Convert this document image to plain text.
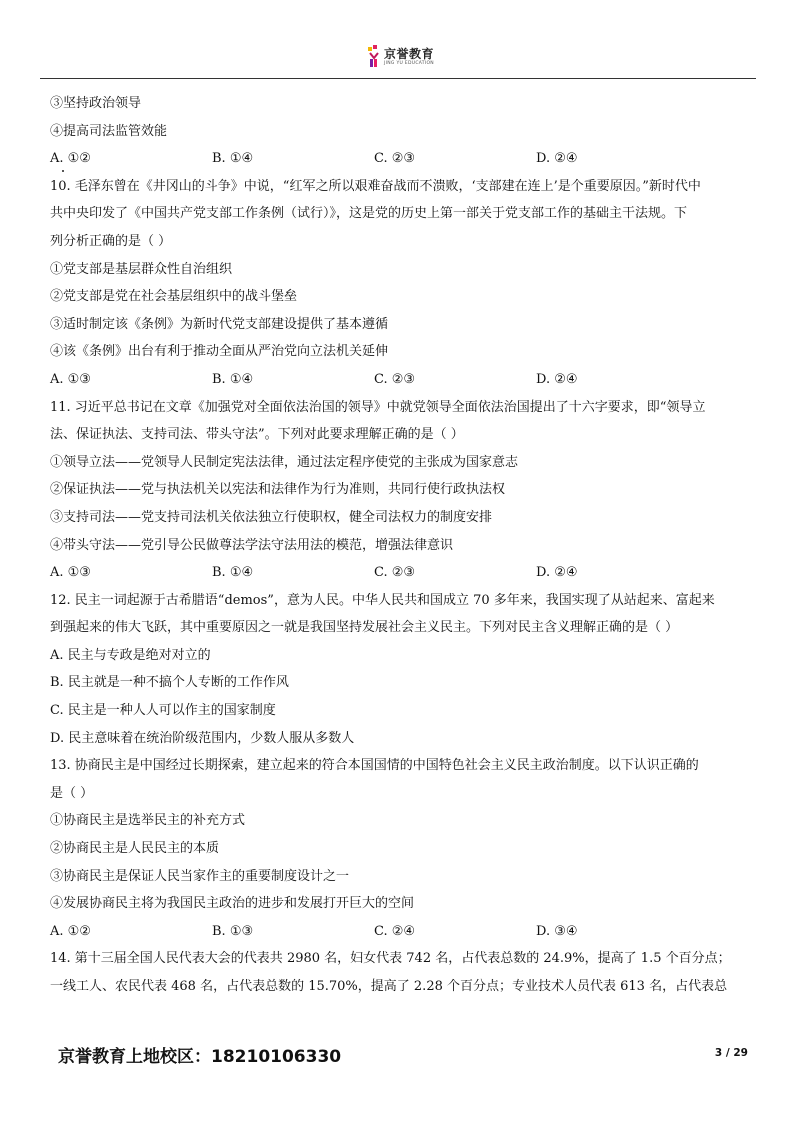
京誉教育
JING YU EDUCATION
③坚持政治领导
④提高司法监管效能
A. ①②	B. ①④	C. ②③	D. ②④
10. 毛泽东曾在《井冈山的斗争》中说，“红军之所以艰难奋战而不溃败，‘支部建在连上’是个重要原因。”新时代中
共中央印发了《中国共产党支部工作条例（试行）》，这是党的历史上第一部关于党支部工作的基础主干法规。下
列分析正确的是（ ）
①党支部是基层群众性自治组织
②党支部是党在社会基层组织中的战斗堡垒
③适时制定该《条例》为新时代党支部建设提供了基本遵循
④该《条例》出台有利于推动全面从严治党向立法机关延伸
A. ①③	B. ①④	C. ②③	D. ②④
11. 习近平总书记在文章《加强党对全面依法治国的领导》中就党领导全面依法治国提出了十六字要求，即“领导立
法、保证执法、支持司法、带头守法”。下列对此要求理解正确的是（ ）
①领导立法——党领导人民制定宪法法律，通过法定程序使党的主张成为国家意志
②保证执法——党与执法机关以宪法和法律作为行为准则，共同行使行政执法权
③支持司法——党支持司法机关依法独立行使职权，健全司法权力的制度安排
④带头守法——党引导公民做尊法学法守法用法的模范，增强法律意识
A. ①③	B. ①④	C. ②③	D. ②④
12. 民主一词起源于古希腊语“demos”，意为人民。中华人民共和国成立 70 多年来，我国实现了从站起来、富起来
到强起来的伟大飞跃，其中重要原因之一就是我国坚持发展社会主义民主。下列对民主含义理解正确的是（ ）
A. 民主与专政是绝对对立的
B. 民主就是一种不搞个人专断的工作作风
C. 民主是一种人人可以作主的国家制度
D. 民主意味着在统治阶级范围内，少数人服从多数人
13. 协商民主是中国经过长期探索，建立起来的符合本国国情的中国特色社会主义民主政治制度。以下认识正确的
是（ ）
①协商民主是选举民主的补充方式
②协商民主是人民民主的本质
③协商民主是保证人民当家作主的重要制度设计之一
④发展协商民主将为我国民主政治的进步和发展打开巨大的空间
A. ①②	B. ①③	C. ②④	D. ③④
14. 第十三届全国人民代表大会的代表共 2980 名，妇女代表 742 名，占代表总数的 24.9%，提高了 1.5 个百分点；
一线工人、农民代表 468 名，占代表总数的 15.70%，提高了 2.28 个百分点；专业技术人员代表 613 名，占代表总
京誉教育上地校区：18210106330	3 / 29
